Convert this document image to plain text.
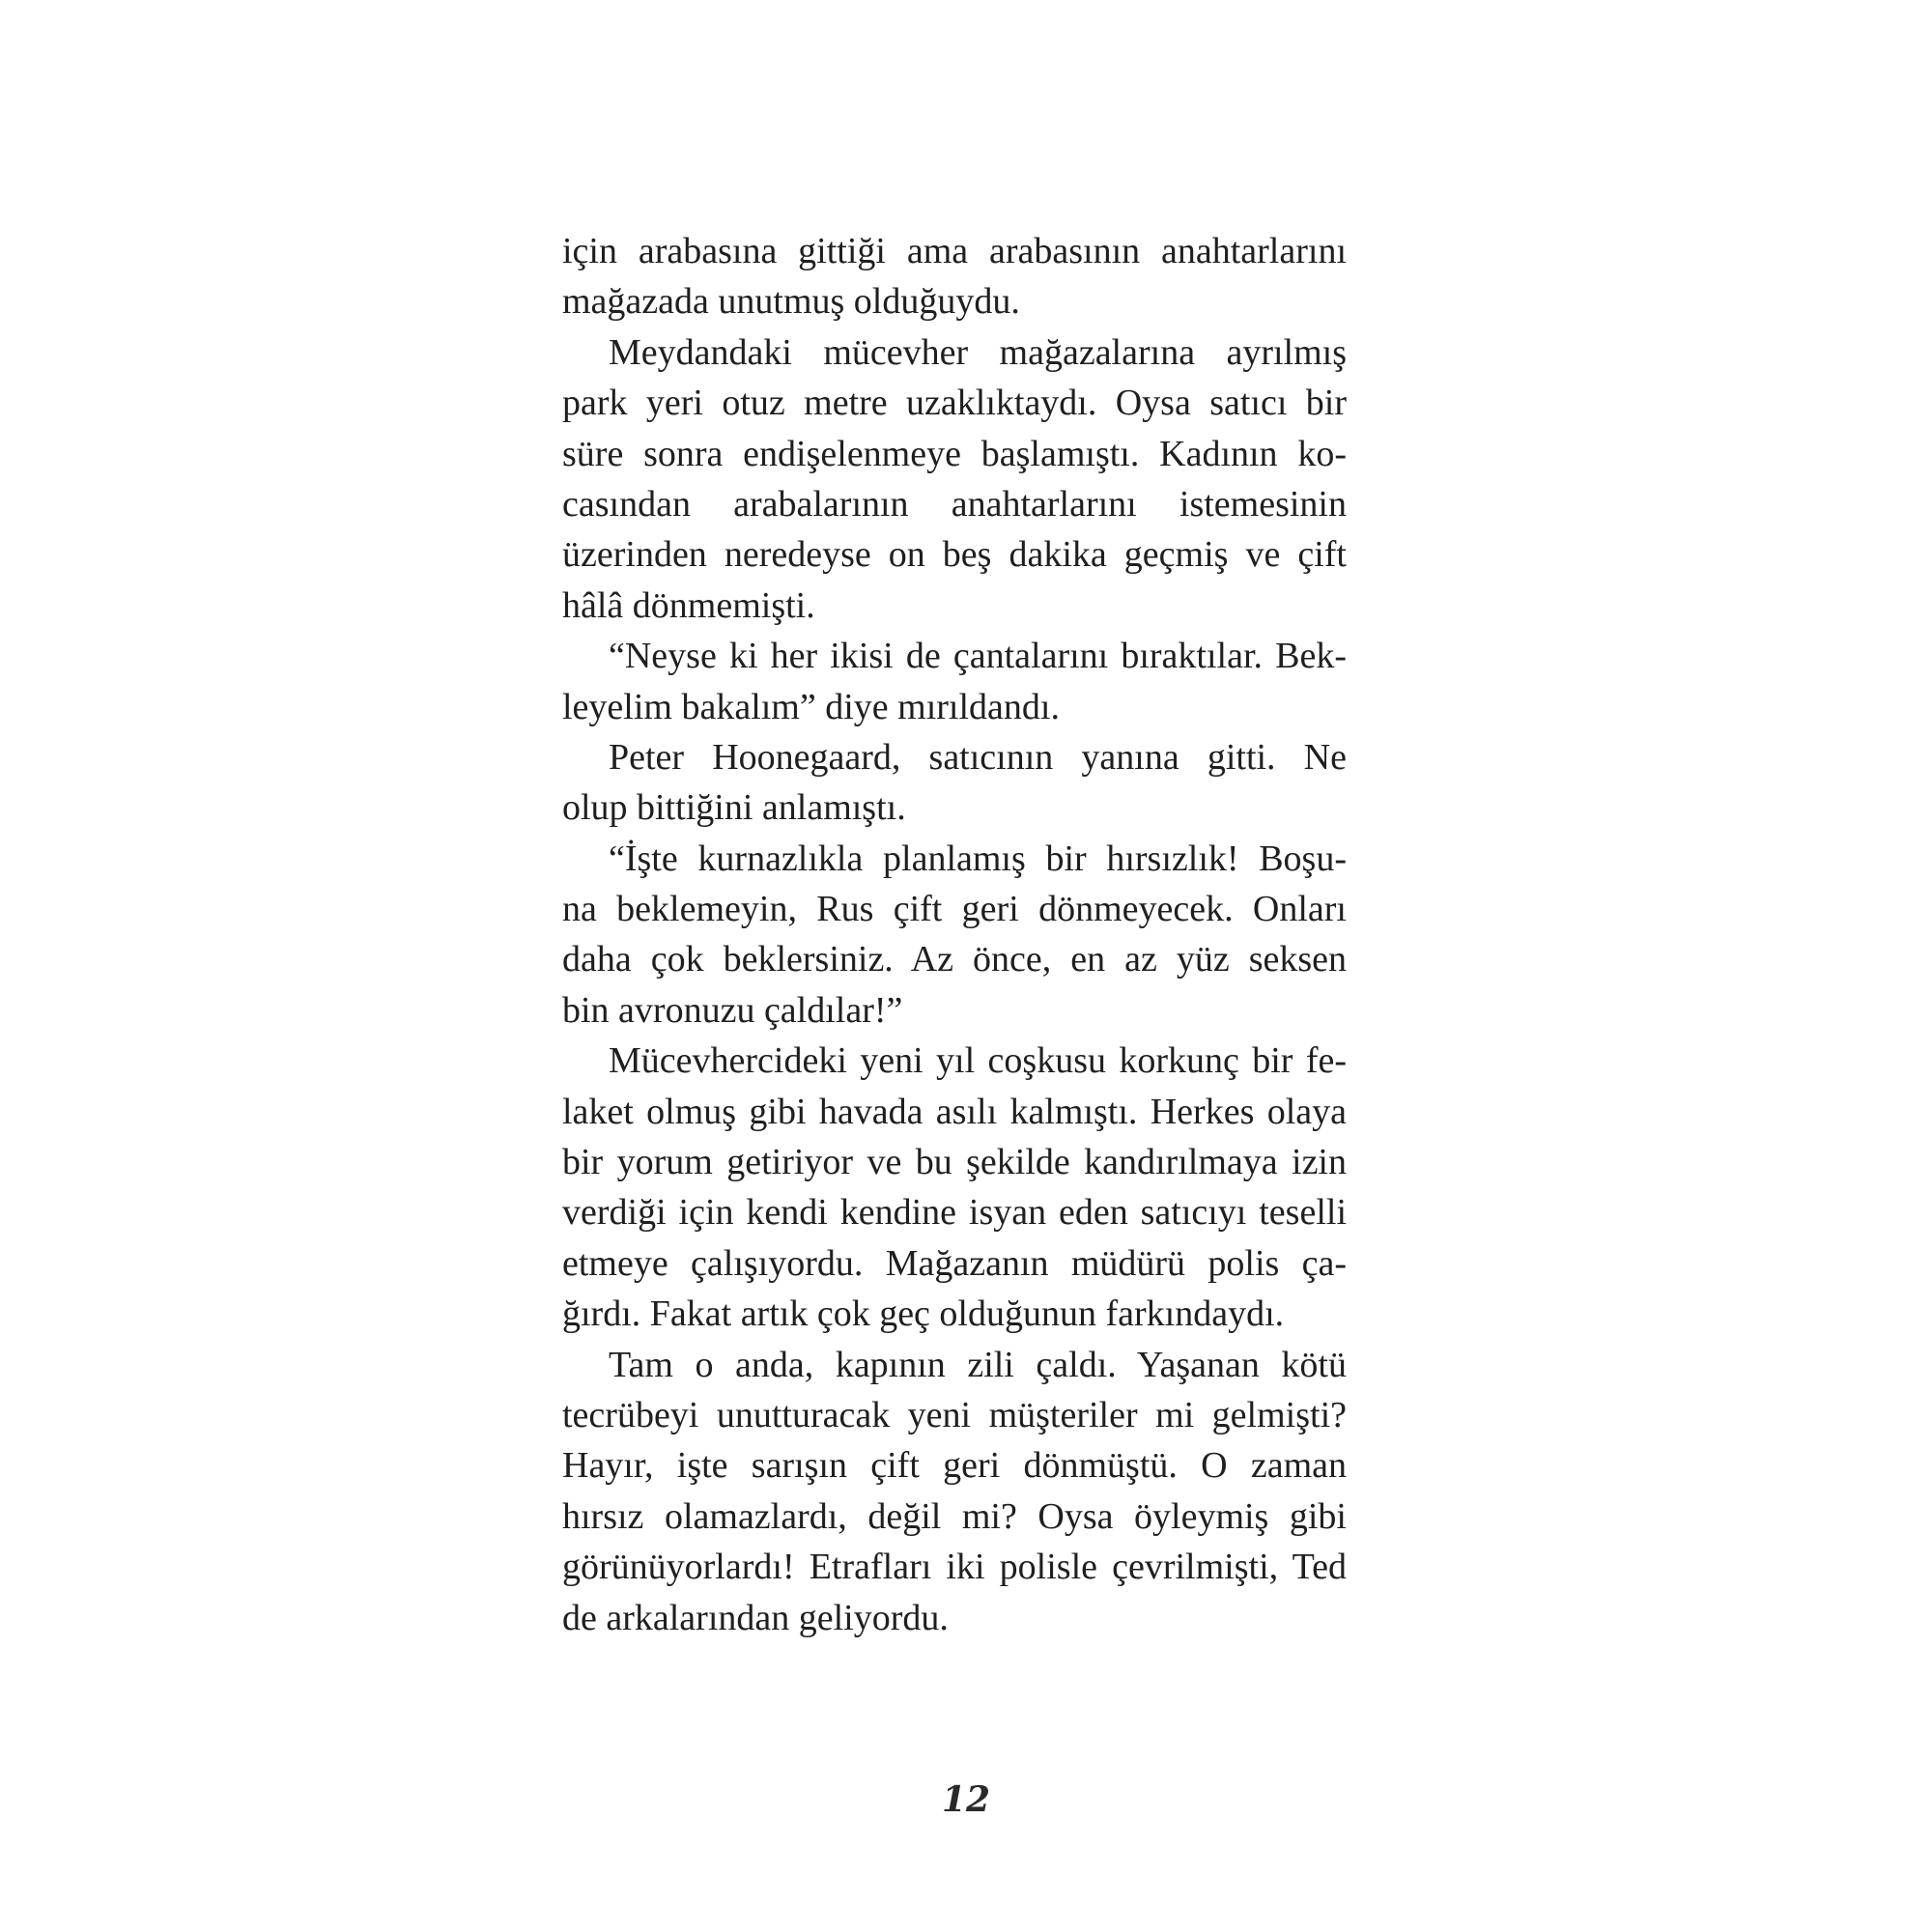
için arabasına gittiği ama arabasının anahtarlarını
mağazada unutmuş olduğuydu.
Meydandaki mücevher mağazalarına ayrılmış
park yeri otuz metre uzaklıktaydı. Oysa satıcı bir
süre sonra endişelenmeye başlamıştı. Kadının ko-
casından arabalarının anahtarlarını istemesinin
üzerinden neredeyse on beş dakika geçmiş ve çift
hâlâ dönmemişti.
“Neyse ki her ikisi de çantalarını bıraktılar. Bek-
leyelim bakalım” diye mırıldandı.
Peter Hoonegaard, satıcının yanına gitti. Ne
olup bittiğini anlamıştı.
“İşte kurnazlıkla planlamış bir hırsızlık! Boşu-
na beklemeyin, Rus çift geri dönmeyecek. Onları
daha çok beklersiniz. Az önce, en az yüz seksen
bin avronuzu çaldılar!”
Mücevhercideki yeni yıl coşkusu korkunç bir fe-
laket olmuş gibi havada asılı kalmıştı. Herkes olaya
bir yorum getiriyor ve bu şekilde kandırılmaya izin
verdiği için kendi kendine isyan eden satıcıyı teselli
etmeye çalışıyordu. Mağazanın müdürü polis ça-
ğırdı. Fakat artık çok geç olduğunun farkındaydı.
Tam o anda, kapının zili çaldı. Yaşanan kötü
tecrübeyi unutturacak yeni müşteriler mi gelmişti?
Hayır, işte sarışın çift geri dönmüştü. O zaman
hırsız olamazlardı, değil mi? Oysa öyleymiş gibi
görünüyorlardı! Etrafları iki polisle çevrilmişti, Ted
de arkalarından geliyordu.
12
